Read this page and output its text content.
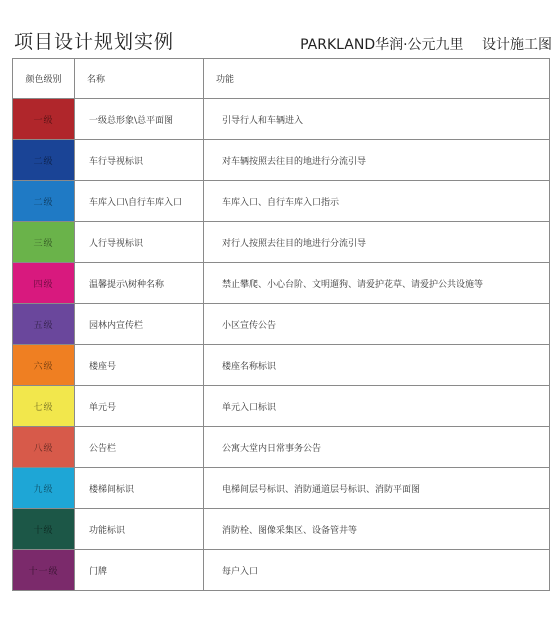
项目设计规划实例	PARKLAND华润·公元九里 设计施工图
颜色级别	名称	功能
一级	一级总形象\总平面图	引导行人和车辆进入
二级	车行导视标识	对车辆按照去往目的地进行分流引导
二级	车库入口\自行车库入口	车库入口、自行车库入口指示
三级	人行导视标识	对行人按照去往目的地进行分流引导
四级	温馨提示\树种名称	禁止攀爬、小心台阶、文明遛狗、请爱护花草、请爱护公共设施等
五级	园林内宣传栏	小区宣传公告
六级	楼座号	楼座名称标识
七级	单元号	单元入口标识
八级	公告栏	公寓大堂内日常事务公告
九级	楼梯间标识	电梯间层号标识、消防通道层号标识、消防平面图
十级	功能标识	消防栓、图像采集区、设备管井等
十一级	门牌	每户入口
